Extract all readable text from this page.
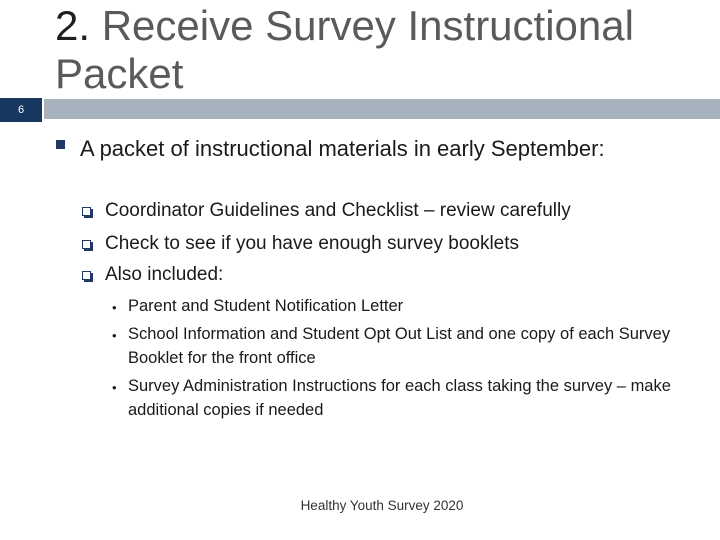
6
2. Receive Survey Instructional Packet
A packet of instructional materials in early September:
Coordinator Guidelines and Checklist – review carefully
Check to see if you have enough survey booklets
Also included:
• Parent and Student Notification Letter
• School Information and Student Opt Out List and one copy of each Survey Booklet for the front office
• Survey Administration Instructions for each class taking the survey – make additional copies if needed
Healthy Youth Survey 2020
